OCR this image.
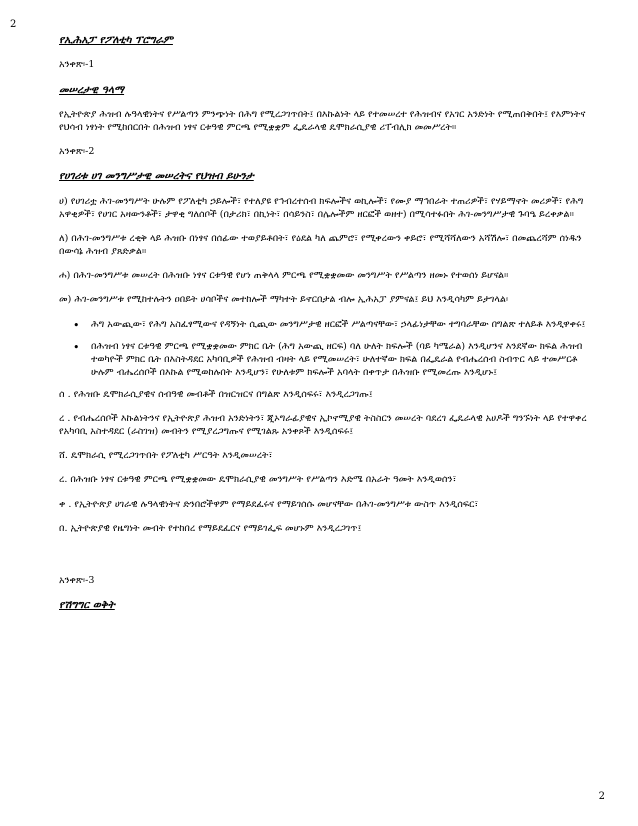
2
የኢሕአፓ የፖለቲካ ፕሮግራም
አንቀጽ፡-1
መሠረታዊ ዓላማ

የኢትዮጵያ ሕዝብ ሉዓላዊነትና የሥልጣን ምንጭነት በሕግ የሚረጋገጥበት፤ በእኩልነት ላይ የተመሠረተ የሕዝብና የአገር አንድነት የሚጠበቅበት፤ የእምነትና የህሳብ ነፃነት የሚከበርበት በሕዝብ ነፃና ርቱዓዊ ምርጫ የሚቋቋም ፌዴራላዊ ዴሞክራሲያዊ ሪፐብሊክ መመሥረት።

አንቀጽ፡-2
የሀገሪቱ ሀገ መንግሥታዊ መሠረትና የህዝብ ይሁንታ

ሀ) የሀገሪቷ ሕገ-መንግሥት ሁሉም የፖለቲካ ኃይሎች፣ የተለያዩ የኅብረተሰብ ክፍሎችና ወኪሎች፣ የሙያ ማኅበራት ተጠሪዎች፣ የሃይማኖት መሪዎች፣ የሕግ አዋቂዎች፣ የሀገር አዛውንቶች፣ ታዋቂ ግለሰቦች (በታሪክ፣ በኪነት፣ በሳይንስ፣ በሌሎችም ዘርፎች ወዘተ) በሚሳተፉበት ሕገ-መንግሥታዊ ጉባዔ ይረቀቃል።

ለ) በሕገ-መንግሥቱ ረቂቅ ላይ ሕዝቡ በነፃና በሰፊው ተወያይቶበት፣ የዕደል ካለ ጨምሮ፣ የሚቀረውን ቀይሮ፣ የሚሻሻለውን አሻሽሎ፣ በመጨረሻም ሰነዱን በውሳኔ ሕዝብ ያጸድቃል።

ሐ) በሕገ-መንግሥቱ መሠረት በሕዝቡ ነፃና ርቱዓዊ የሆነ ጠቅላላ ምርጫ የሚቋቋመው መንግሥት የሥልጣን ዘመኑ የተወሰነ ይሆናል።

መ) ሕገ-መንግሥቱ የሚከተሉትን ዐበይት ሀሳቦችና መተከሎች ማካተት ይኖርበታል ብሎ ኢሕአፓ ያምናል፤ ይህ እንዲሳካም ይታገላል፡

• ሕግ አውጪው፣ የሕግ አስፈፃሚውና የዳኝነት ሲጪው መንግሥታዊ ዘርፎች ሥልጣናቸው፣ ኃላፊነታቸው ተግባራቸው በግልጽ ተለይቶ እንዲዋቀሩ፤
• በሕዝብ ነፃና ርቱዓዊ ምርጫ የሚቋቋመው ምክር ቤት (ሕግ አውጪ ዘርፍ) ባለ ሁለት ክፍሎች (ባይ ካሜራል) እንዲሆንና እንደኛው ክፍል ሕዝብ ተወካዮች ምክር ቤት በእስትዳደር አካባቢዎች የሕዝብ ብዛት ላይ የሚመሠረት፣ ሁለተኛው ክፍል በፌዴራል የብሔረሰብ ስብጥር ላይ ተመሥርቶ ሁሉም ብሔረሰቦች በእኩል የሚወከሉበት እንዲሆን፣ የሁለቱም ክፍሎች አባላት በቀጥታ በሕዝቡ የሚመረጡ እንዲሆኑ፤

ሰ . የሕዝቡ ዴሞክራሲያዊና ሰብዓዊ መብቶች በዝርዝርና በግልጽ እንዲሰፍሩ፣ እንዲረጋገጡ፤

ረ . የብሔረሰቦች እኩልነትንና የኢትዮጵያ ሕዝብ አንድነትን፣ ጂኦግራፊያዊና ኢኮኖሚያዊ ትስስርን መሠረት ባደረገ ፌዴራላዊ አሀዶች ግንኙነት ላይ የተዋቀረ የአካባቢ አስተዳደር (ራስገዝ) መብትን የሚያረጋግጡና የሚገልጹ አንቀጾች እንዲሰፍሩ፤

ሸ. ዴሞክራሲ የሚረጋገጥበት የፖለቲካ ሥርዓት እንዲመሠረት፣

ረ. በሕዝቡ ነፃና ርቱዓዊ ምርጫ የሚቋቋመው ዴሞክራሲያዊ መንግሥት የሥልጣን እድሜ በአራት ዓመት እንዲወሰን፣

ቀ . የኢትዮጵያ ሀገራዊ ሉዓላዊነትና ድንበሮችዋም የማይደፈሩና የማይገሰሱ መሆናቸው በሕገ-መንግሥቱ ውስጥ እንዲሰፍር፣

በ. ኢትዮጵያዊ የዜግነት መብት የተከበረ የማይደፈርና የማይገፌፍ መሆኑም እንዲረጋገጥ፤

አንቀጽ፡-3
የሽግግር ወቅት
2
